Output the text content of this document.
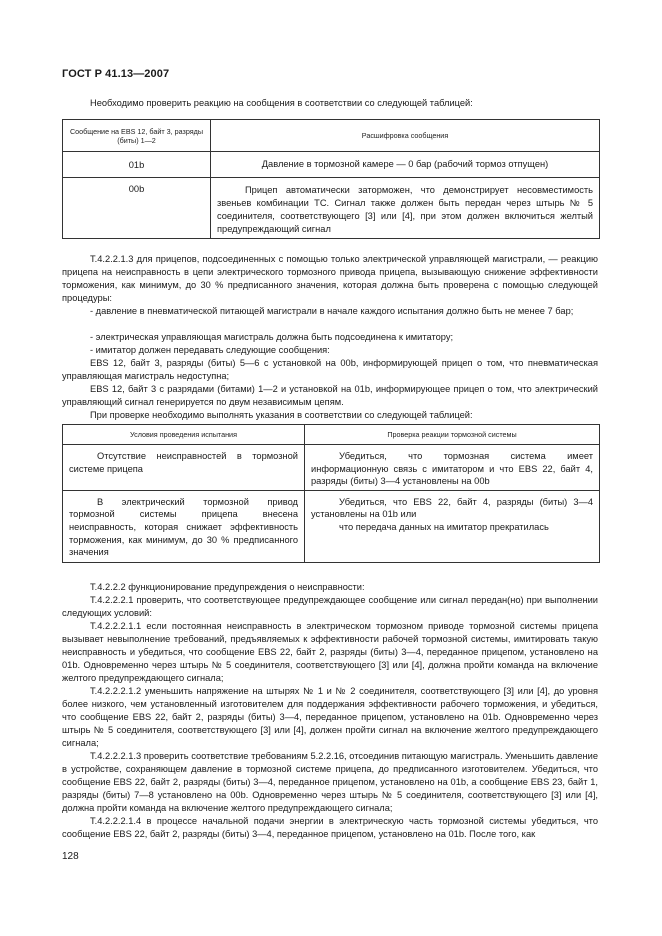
ГОСТ Р 41.13—2007

Необходимо проверить реакцию на сообщения в соответствии со следующей таблицей:

Сообщение на EBS 12, байт 3, разряды (биты) 1—2	Расшифровка сообщения
01b	Давление в тормозной камере — 0 бар (рабочий тормоз отпущен)
00b	Прицеп автоматически заторможен, что демонстрирует несовместимость звеньев комбинации ТС. Сигнал также должен быть передан через штырь № 5 соединителя, соответствующего [3] или [4], при этом должен включиться желтый предупреждающий сигнал

Т.4.2.2.1.3 для прицепов, подсоединенных с помощью только электрической управляющей магистрали, — реакцию прицепа на неисправность в цепи электрического тормозного привода прицепа, вызывающую снижение эффективности торможения, как минимум, до 30 % предписанного значения, которая должна быть проверена с помощью следующей процедуры:

- давление в пневматической питающей магистрали в начале каждого испытания должно быть не менее 7 бар;

- электрическая управляющая магистраль должна быть подсоединена к имитатору;

- имитатор должен передавать следующие сообщения:

EBS 12, байт 3, разряды (биты) 5—6 с установкой на 00b, информирующей прицеп о том, что пневматическая управляющая магистраль недоступна;

EBS 12, байт 3 с разрядами (битами) 1—2 и установкой на 01b, информирующее прицеп о том, что электрический управляющий сигнал генерируется по двум независимым цепям.

При проверке необходимо выполнять указания в соответствии со следующей таблицей:

Условия проведения испытания	Проверка реакции тормозной системы
Отсутствие неисправностей в тормозной системе прицепа	Убедиться, что тормозная система имеет информационную связь с имитатором и что EBS 22, байт 4, разряды (биты) 3—4 установлены на 00b
В электрический тормозной привод тормозной системы прицепа внесена неисправность, которая снижает эффективность торможения, как минимум, до 30 % предписанного значения	Убедиться, что EBS 22, байт 4, разряды (биты) 3—4 установлены на 01b или
что передача данных на имитатор прекратилась

Т.4.2.2.2 функционирование предупреждения о неисправности:

Т.4.2.2.2.1 проверить, что соответствующее предупреждающее сообщение или сигнал передан(но) при выполнении следующих условий:

Т.4.2.2.2.1.1 если постоянная неисправность в электрическом тормозном приводе тормозной системы прицепа вызывает невыполнение требований, предъявляемых к эффективности рабочей тормозной системы, имитировать такую неисправность и убедиться, что сообщение EBS 22, байт 2, разряды (биты) 3—4, переданное прицепом, установлено на 01b. Одновременно через штырь № 5 соединителя, соответствующего [3] или [4], должна пройти команда на включение желтого предупреждающего сигнала;

Т.4.2.2.2.1.2 уменьшить напряжение на штырях № 1 и № 2 соединителя, соответствующего [3] или [4], до уровня более низкого, чем установленный изготовителем для поддержания эффективности рабочего торможения, и убедиться, что сообщение EBS 22, байт 2, разряды (биты) 3—4, переданное прицепом, установлено на 01b. Одновременно через штырь № 5 соединителя, соответствующего [3] или [4], должен пройти сигнал на включение желтого предупреждающего сигнала;

Т.4.2.2.2.1.3 проверить соответствие требованиям 5.2.2.16, отсоединив питающую магистраль. Уменьшить давление в устройстве, сохраняющем давление в тормозной системе прицепа, до предписанного изготовителем. Убедиться, что сообщение EBS 22, байт 2, разряды (биты) 3—4, переданное прицепом, установлено на 01b, а сообщение EBS 23, байт 1, разряды (биты) 7—8 установлено на 00b. Одновременно через штырь № 5 соединителя, соответствующего [3] или [4], должна пройти команда на включение желтого предупреждающего сигнала;

Т.4.2.2.2.1.4 в процессе начальной подачи энергии в электрическую часть тормозной системы убедиться, что сообщение EBS 22, байт 2, разряды (биты) 3—4, переданное прицепом, установлено на 01b. После того, как

128
